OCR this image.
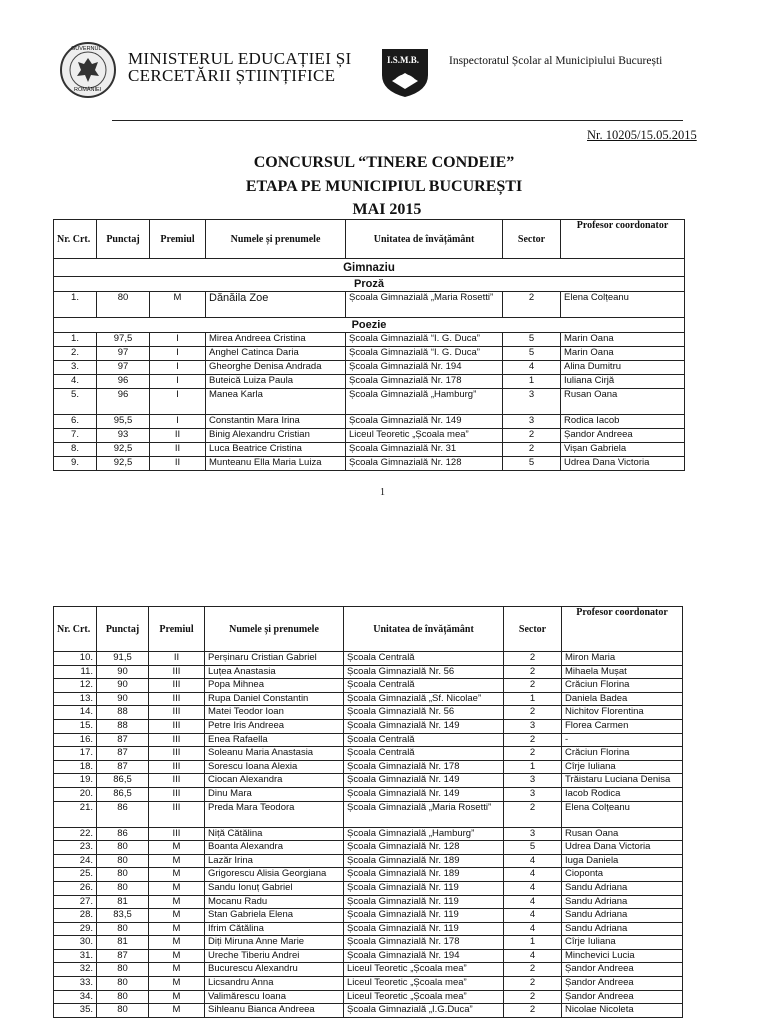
GUVERNUL
ROMÂNIEI
MINISTERUL EDUCAȚIEI ȘI
CERCETĂRII ȘTIINȚIFICE
I.S.M.B.	Inspectoratul Școlar al Municipiului București
Nr. 10205/15.05.2015
CONCURSUL “TINERE CONDEIE”
ETAPA PE MUNICIPIUL BUCUREȘTI
MAI 2015
Nr. Crt.	Punctaj	Premiul	Numele și prenumele	Unitatea de învățământ	Sector	Profesor coordonator
Gimnaziu						
Proză						
1.	80	M	Dănăila Zoe	Școala Gimnazială „Maria Rosetti”	2	Elena Colțeanu
Poezie						
1.	97,5	I	Mirea Andreea Cristina	Școala Gimnazială “I. G. Duca”	5	Marin Oana
2.	97	I	Anghel Catinca Daria	Școala Gimnazială “I. G. Duca”	5	Marin Oana
3.	97	I	Gheorghe Denisa Andrada	Școala Gimnazială Nr. 194	4	Alina Dumitru
4.	96	I	Buteică Luiza Paula	Școala Gimnazială Nr. 178	1	Iuliana Cirjă
5.	96	I	Manea Karla	Școala Gimnazială „Hamburg”	3	Rusan Oana
6.	95,5	I	Constantin Mara Irina	Școala Gimnazială Nr. 149	3	Rodica Iacob
7.	93	II	Binig Alexandru Cristian	Liceul Teoretic „Școala mea”	2	Șandor Andreea
8.	92,5	II	Luca Beatrice Cristina	Școala Gimnazială Nr. 31	2	Vișan Gabriela
9.	92,5	II	Munteanu Ella Maria Luiza	Școala Gimnazială Nr. 128	5	Udrea Dana Victoria
1
Nr. Crt.	Punctaj	Premiul	Numele și prenumele	Unitatea de învățământ	Sector	Profesor coordonator
10.	91,5	II	Perșinaru Cristian Gabriel	Școala Centrală	2	Miron Maria
11.	90	III	Luțea Anastasia	Școala Gimnazială Nr. 56	2	Mihaela Mușat
12.	90	III	Popa Mihnea	Școala Centrală	2	Crăciun Florina
13.	90	III	Rupa Daniel Constantin	Școala Gimnazială „Sf. Nicolae”	1	Daniela Badea
14.	88	III	Matei Teodor Ioan	Școala Gimnazială Nr. 56	2	Nichitov Florentina
15.	88	III	Petre Iris Andreea	Școala Gimnazială Nr. 149	3	Florea Carmen
16.	87	III	Enea Rafaella	Școala Centrală	2	-
17.	87	III	Soleanu Maria Anastasia	Școala Centrală	2	Crăciun Florina
18.	87	III	Sorescu Ioana Alexia	Școala Gimnazială Nr. 178	1	Cîrje Iuliana
19.	86,5	III	Ciocan Alexandra	Școala Gimnazială Nr. 149	3	Trăistaru Luciana Denisa
20.	86,5	III	Dinu Mara	Școala Gimnazială Nr. 149	3	Iacob Rodica
21.	86	III	Preda Mara Teodora	Școala Gimnazială „Maria Rosetti”	2	Elena Colțeanu
22.	86	III	Niță Cătălina	Școala Gimnazială „Hamburg”	3	Rusan Oana
23.	80	M	Boanta Alexandra	Școala Gimnazială Nr. 128	5	Udrea Dana Victoria
24.	80	M	Lazăr Irina	Școala Gimnazială Nr. 189	4	Iuga Daniela
25.	80	M	Grigorescu Alisia Georgiana	Școala Gimnazială Nr. 189	4	Cioponta
26.	80	M	Sandu Ionuț Gabriel	Școala Gimnazială Nr. 119	4	Sandu Adriana
27.	81	M	Mocanu Radu	Școala Gimnazială Nr. 119	4	Sandu Adriana
28.	83,5	M	Stan Gabriela Elena	Școala Gimnazială Nr. 119	4	Sandu Adriana
29.	80	M	Ifrim Cătălina	Școala Gimnazială Nr. 119	4	Sandu Adriana
30.	81	M	Diți Miruna Anne Marie	Școala Gimnazială Nr. 178	1	Cîrje Iuliana
31.	87	M	Ureche Tiberiu Andrei	Școala Gimnazială Nr. 194	4	Minchevici Lucia
32.	80	M	Bucurescu Alexandru	Liceul Teoretic „Școala mea”	2	Șandor Andreea
33.	80	M	Licsandru Anna	Liceul Teoretic „Școala mea”	2	Șandor Andreea
34.	80	M	Valimărescu Ioana	Liceul Teoretic „Școala mea”	2	Șandor Andreea
35.	80	M	Sihleanu Bianca Andreea	Școala Gimnazială „I.G.Duca”	2	Nicolae Nicoleta
